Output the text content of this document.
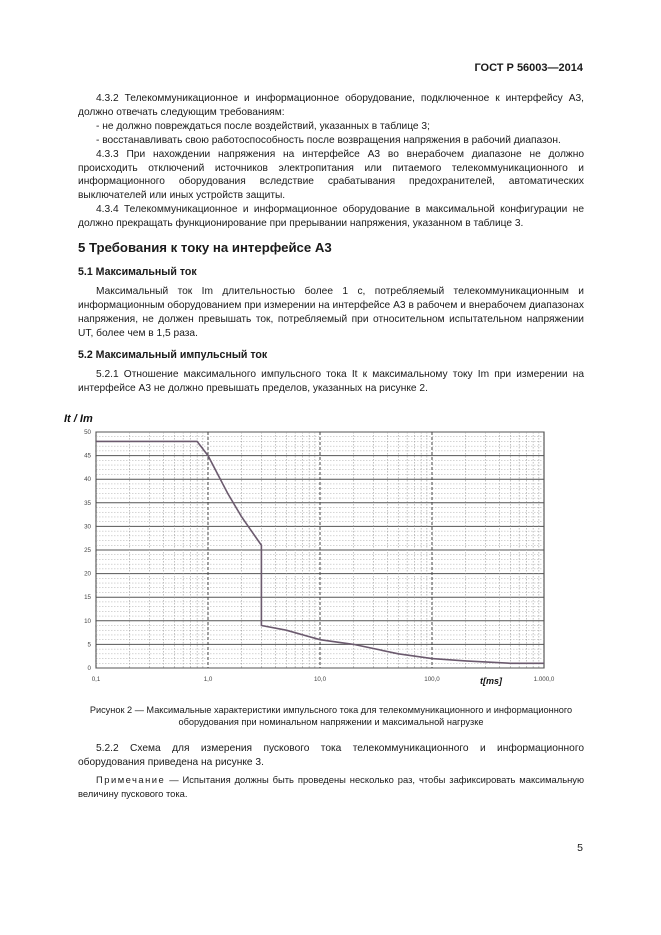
ГОСТ Р 56003—2014

4.3.2 Телекоммуникационное и информационное оборудование, подключенное к интерфейсу А3, должно отвечать следующим требованиям:

- не должно повреждаться после воздействий, указанных в таблице 3;

- восстанавливать свою работоспособность после возвращения напряжения в рабочий диапазон.

4.3.3 При нахождении напряжения на интерфейсе А3 во внерабочем диапазоне не должно происходить отключений источников электропитания или питаемого телекоммуникационного и информационного оборудования вследствие срабатывания предохранителей, автоматических выключателей или иных устройств защиты.

4.3.4 Телекоммуникационное и информационное оборудование в максимальной конфигурации не должно прекращать функционирование при прерывании напряжения, указанном в таблице 3.

5 Требования к току на интерфейсе А3
5.1 Максимальный ток

Максимальный ток Im длительностью более 1 с, потребляемый телекоммуникационным и информационным оборудованием при измерении на интерфейсе А3 в рабочем и внерабочем диапазонах напряжения, не должен превышать ток, потребляемый при относительном испытательном напряжении UT, более чем в 1,5 раза.

5.2 Максимальный импульсный ток

5.2.1 Отношение максимального импульсного тока It к максимальному току Im при измерении на интерфейсе А3 не должно превышать пределов, указанных на рисунке 2.

It / Im
0
5
10
15
20
25
30
35
40
45
50
0,1	1,0	10,0	100,0	1.000,0
t[ms]
Рисунок 2 — Максимальные характеристики импульсного тока для телекоммуникационного и информационного оборудования при номинальном напряжении и максимальной нагрузке

5.2.2 Схема для измерения пускового тока телекоммуникационного и информационного оборудования приведена на рисунке 3.

Примечание — Испытания должны быть проведены несколько раз, чтобы зафиксировать максимальную величину пускового тока.

5
